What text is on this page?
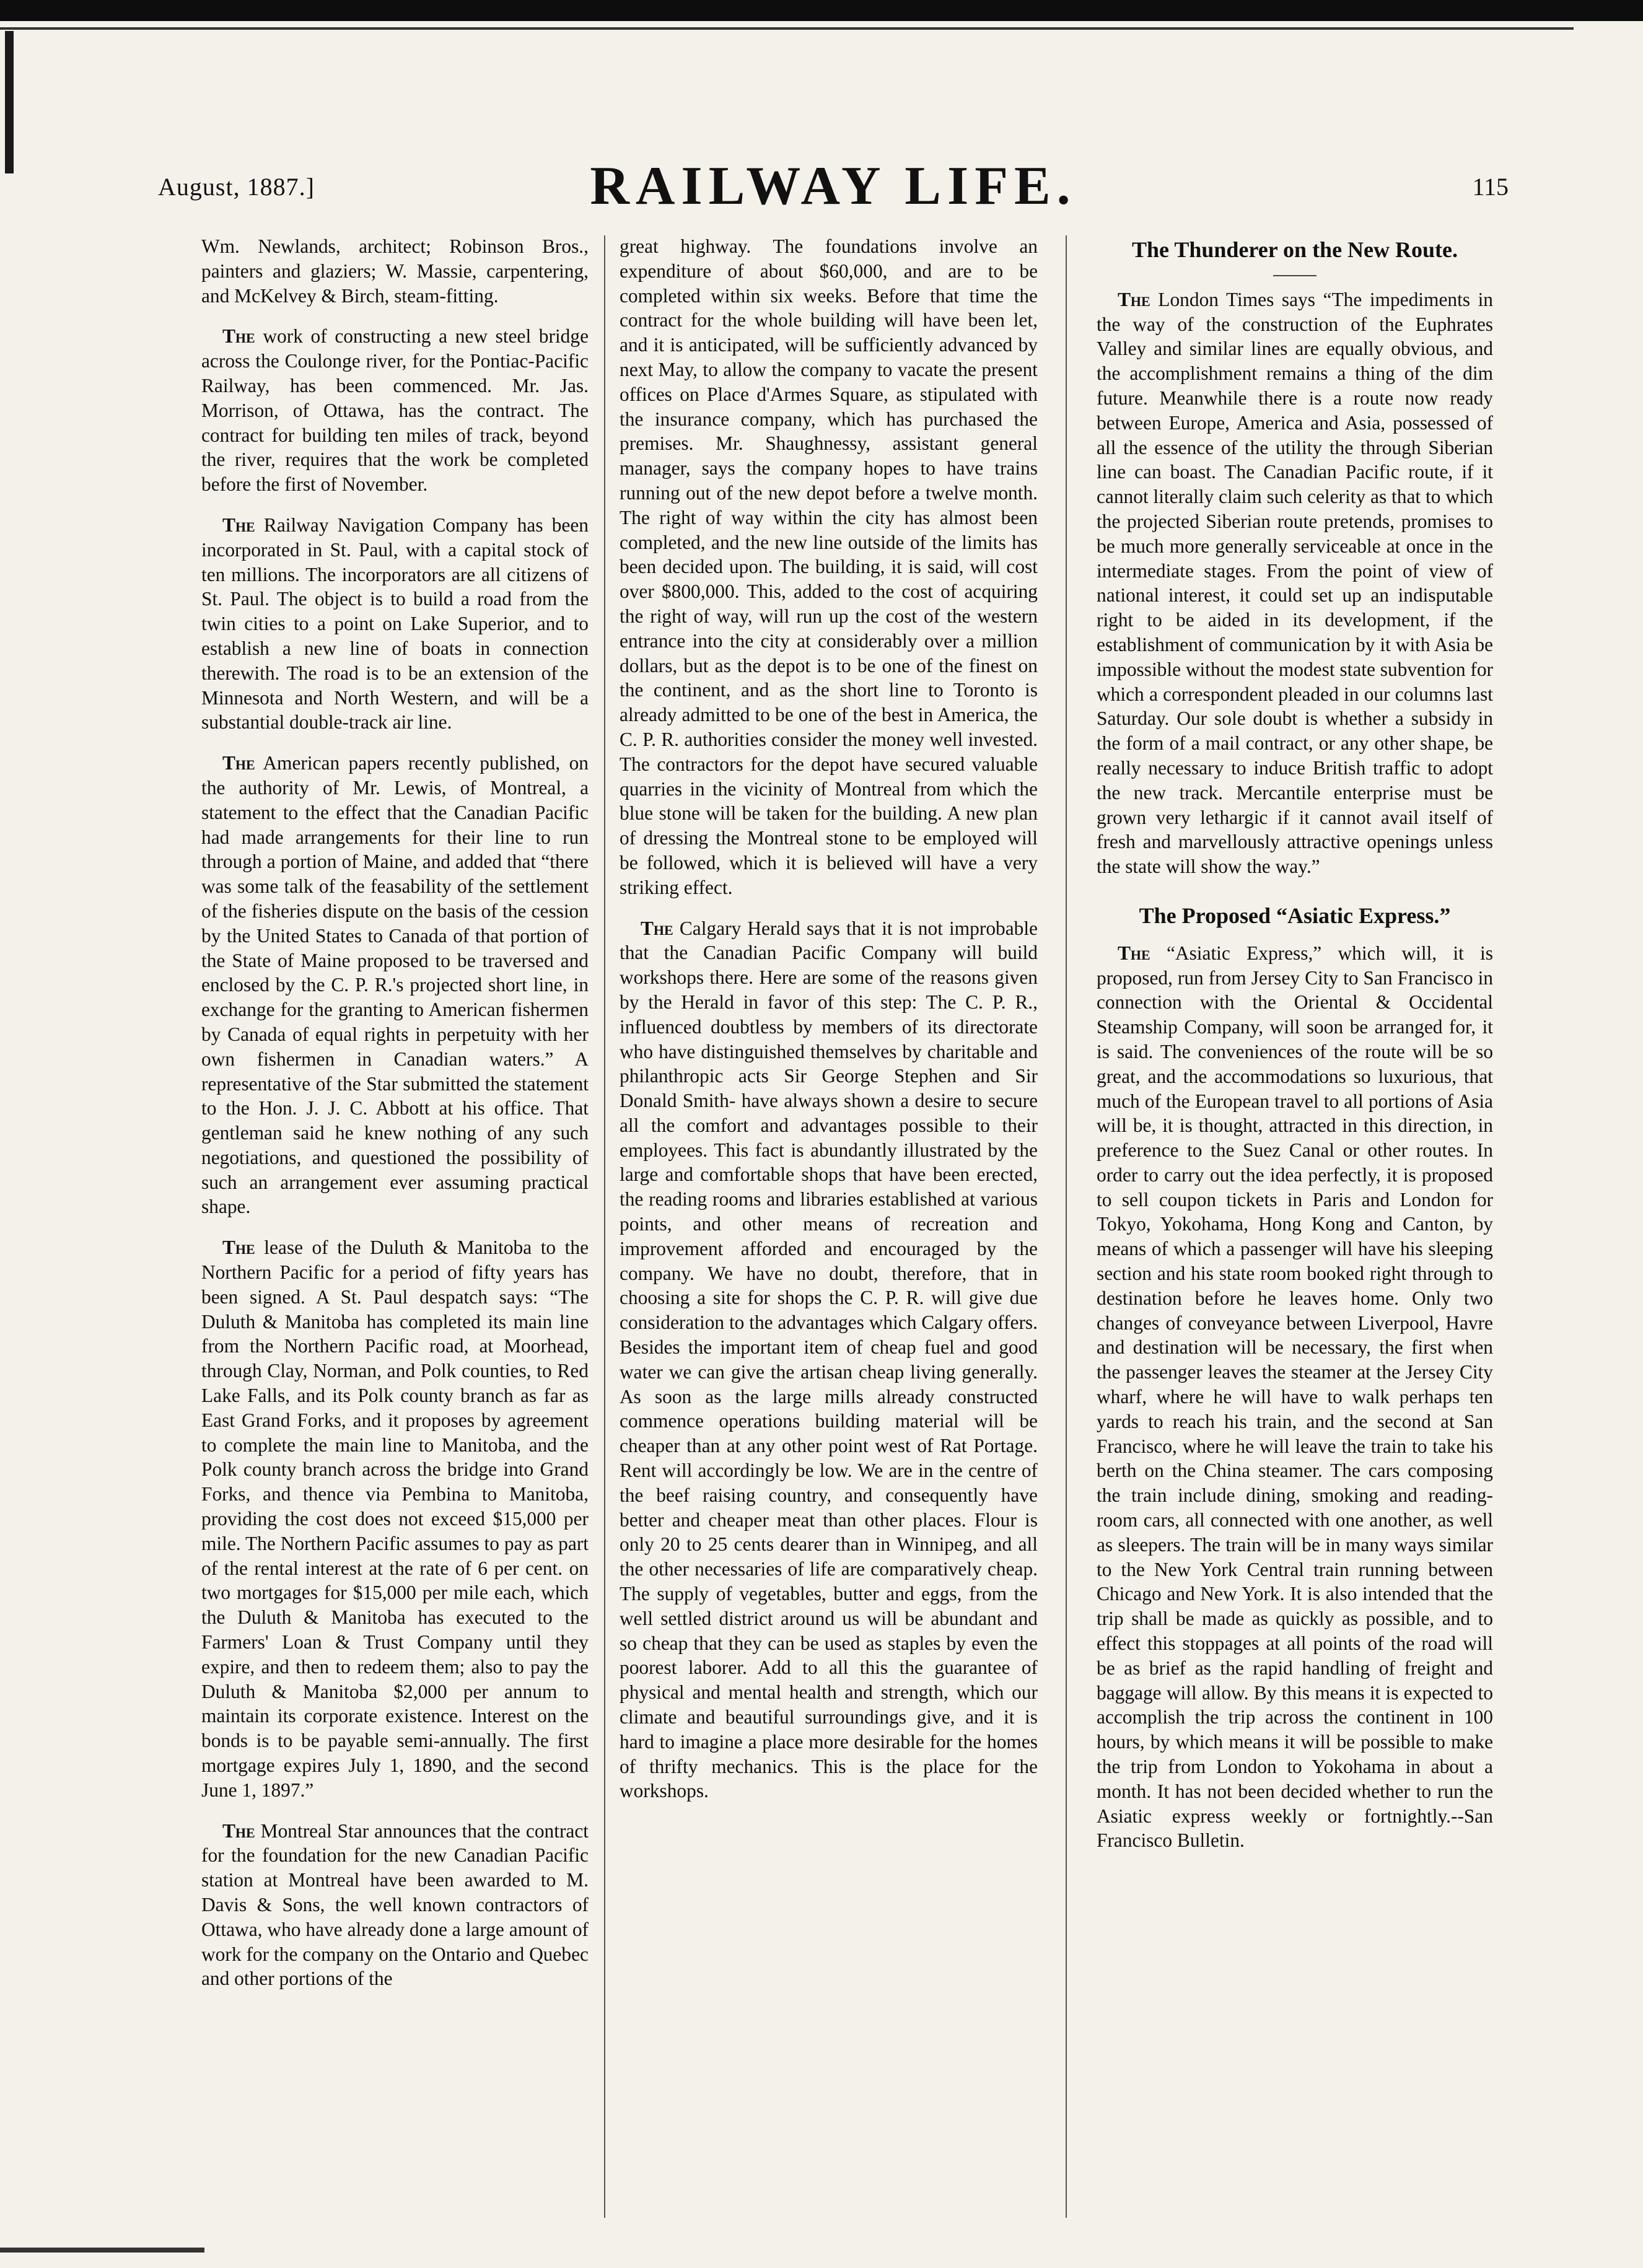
August, 1887.]	RAILWAY LIFE.	115

Wm. Newlands, architect; Robinson Bros., painters and glaziers; W. Massie, carpentering, and McKelvey & Birch, steam-fitting.

The work of constructing a new steel bridge across the Coulonge river, for the Pontiac-Pacific Railway, has been commenced. Mr. Jas. Morrison, of Ottawa, has the contract. The contract for building ten miles of track, beyond the river, requires that the work be completed before the first of November.

The Railway Navigation Company has been incorporated in St. Paul, with a capital stock of ten millions. The incorporators are all citizens of St. Paul. The object is to build a road from the twin cities to a point on Lake Superior, and to establish a new line of boats in connection therewith. The road is to be an extension of the Minnesota and North Western, and will be a substantial double-track air line.

The American papers recently published, on the authority of Mr. Lewis, of Montreal, a statement to the effect that the Canadian Pacific had made arrangements for their line to run through a portion of Maine, and added that “there was some talk of the feasability of the settlement of the fisheries dispute on the basis of the cession by the United States to Canada of that portion of the State of Maine proposed to be traversed and enclosed by the C. P. R.'s projected short line, in exchange for the granting to American fishermen by Canada of equal rights in perpetuity with her own fishermen in Canadian waters.” A representative of the Star submitted the statement to the Hon. J. J. C. Abbott at his office. That gentleman said he knew nothing of any such negotiations, and questioned the possibility of such an arrangement ever assuming practical shape.

The lease of the Duluth & Manitoba to the Northern Pacific for a period of fifty years has been signed. A St. Paul despatch says: “The Duluth & Manitoba has completed its main line from the Northern Pacific road, at Moorhead, through Clay, Norman, and Polk counties, to Red Lake Falls, and its Polk county branch as far as East Grand Forks, and it proposes by agreement to complete the main line to Manitoba, and the Polk county branch across the bridge into Grand Forks, and thence via Pembina to Manitoba, providing the cost does not exceed $15,000 per mile. The Northern Pacific assumes to pay as part of the rental interest at the rate of 6 per cent. on two mortgages for $15,000 per mile each, which the Duluth & Manitoba has executed to the Farmers' Loan & Trust Company until they expire, and then to redeem them; also to pay the Duluth & Manitoba $2,000 per annum to maintain its corporate existence. Interest on the bonds is to be payable semi-annually. The first mortgage expires July 1, 1890, and the second June 1, 1897.”

The Montreal Star announces that the contract for the foundation for the new Canadian Pacific station at Montreal have been awarded to M. Davis & Sons, the well known contractors of Ottawa, who have already done a large amount of work for the company on the Ontario and Quebec and other portions of the

great highway. The foundations involve an expenditure of about $60,000, and are to be completed within six weeks. Before that time the contract for the whole building will have been let, and it is anticipated, will be sufficiently advanced by next May, to allow the company to vacate the present offices on Place d'Armes Square, as stipulated with the insurance company, which has purchased the premises. Mr. Shaughnessy, assistant general manager, says the company hopes to have trains running out of the new depot before a twelve month. The right of way within the city has almost been completed, and the new line outside of the limits has been decided upon. The building, it is said, will cost over $800,000. This, added to the cost of acquiring the right of way, will run up the cost of the western entrance into the city at considerably over a million dollars, but as the depot is to be one of the finest on the continent, and as the short line to Toronto is already admitted to be one of the best in America, the C. P. R. authorities consider the money well invested. The contractors for the depot have secured valuable quarries in the vicinity of Montreal from which the blue stone will be taken for the building. A new plan of dressing the Montreal stone to be employed will be followed, which it is believed will have a very striking effect.

The Calgary Herald says that it is not improbable that the Canadian Pacific Company will build workshops there. Here are some of the reasons given by the Herald in favor of this step: The C. P. R., influenced doubtless by members of its directorate who have distinguished themselves by charitable and philanthropic acts Sir George Stephen and Sir Donald Smith- have always shown a desire to secure all the comfort and advantages possible to their employees. This fact is abundantly illustrated by the large and comfortable shops that have been erected, the reading rooms and libraries established at various points, and other means of recreation and improvement afforded and encouraged by the company. We have no doubt, therefore, that in choosing a site for shops the C. P. R. will give due consideration to the advantages which Calgary offers. Besides the important item of cheap fuel and good water we can give the artisan cheap living generally. As soon as the large mills already constructed commence operations building material will be cheaper than at any other point west of Rat Portage. Rent will accordingly be low. We are in the centre of the beef raising country, and consequently have better and cheaper meat than other places. Flour is only 20 to 25 cents dearer than in Winnipeg, and all the other necessaries of life are comparatively cheap. The supply of vegetables, butter and eggs, from the well settled district around us will be abundant and so cheap that they can be used as staples by even the poorest laborer. Add to all this the guarantee of physical and mental health and strength, which our climate and beautiful surroundings give, and it is hard to imagine a place more desirable for the homes of thrifty mechanics. This is the place for the workshops.

The Thunderer on the New Route.

The London Times says “The impediments in the way of the construction of the Euphrates Valley and similar lines are equally obvious, and the accomplishment remains a thing of the dim future. Meanwhile there is a route now ready between Europe, America and Asia, possessed of all the essence of the utility the through Siberian line can boast. The Canadian Pacific route, if it cannot literally claim such celerity as that to which the projected Siberian route pretends, promises to be much more generally serviceable at once in the intermediate stages. From the point of view of national interest, it could set up an indisputable right to be aided in its development, if the establishment of communication by it with Asia be impossible without the modest state subvention for which a correspondent pleaded in our columns last Saturday. Our sole doubt is whether a subsidy in the form of a mail contract, or any other shape, be really necessary to induce British traffic to adopt the new track. Mercantile enterprise must be grown very lethargic if it cannot avail itself of fresh and marvellously attractive openings unless the state will show the way.”

The Proposed “Asiatic Express.”

The “Asiatic Express,” which will, it is proposed, run from Jersey City to San Francisco in connection with the Oriental & Occidental Steamship Company, will soon be arranged for, it is said. The conveniences of the route will be so great, and the accommodations so luxurious, that much of the European travel to all portions of Asia will be, it is thought, attracted in this direction, in preference to the Suez Canal or other routes. In order to carry out the idea perfectly, it is proposed to sell coupon tickets in Paris and London for Tokyo, Yokohama, Hong Kong and Canton, by means of which a passenger will have his sleeping section and his state room booked right through to destination before he leaves home. Only two changes of conveyance between Liverpool, Havre and destination will be necessary, the first when the passenger leaves the steamer at the Jersey City wharf, where he will have to walk perhaps ten yards to reach his train, and the second at San Francisco, where he will leave the train to take his berth on the China steamer. The cars composing the train include dining, smoking and reading-room cars, all connected with one another, as well as sleepers. The train will be in many ways similar to the New York Central train running between Chicago and New York. It is also intended that the trip shall be made as quickly as possible, and to effect this stoppages at all points of the road will be as brief as the rapid handling of freight and baggage will allow. By this means it is expected to accomplish the trip across the continent in 100 hours, by which means it will be possible to make the trip from London to Yokohama in about a month. It has not been decided whether to run the Asiatic express weekly or fortnightly.--San Francisco Bulletin.
